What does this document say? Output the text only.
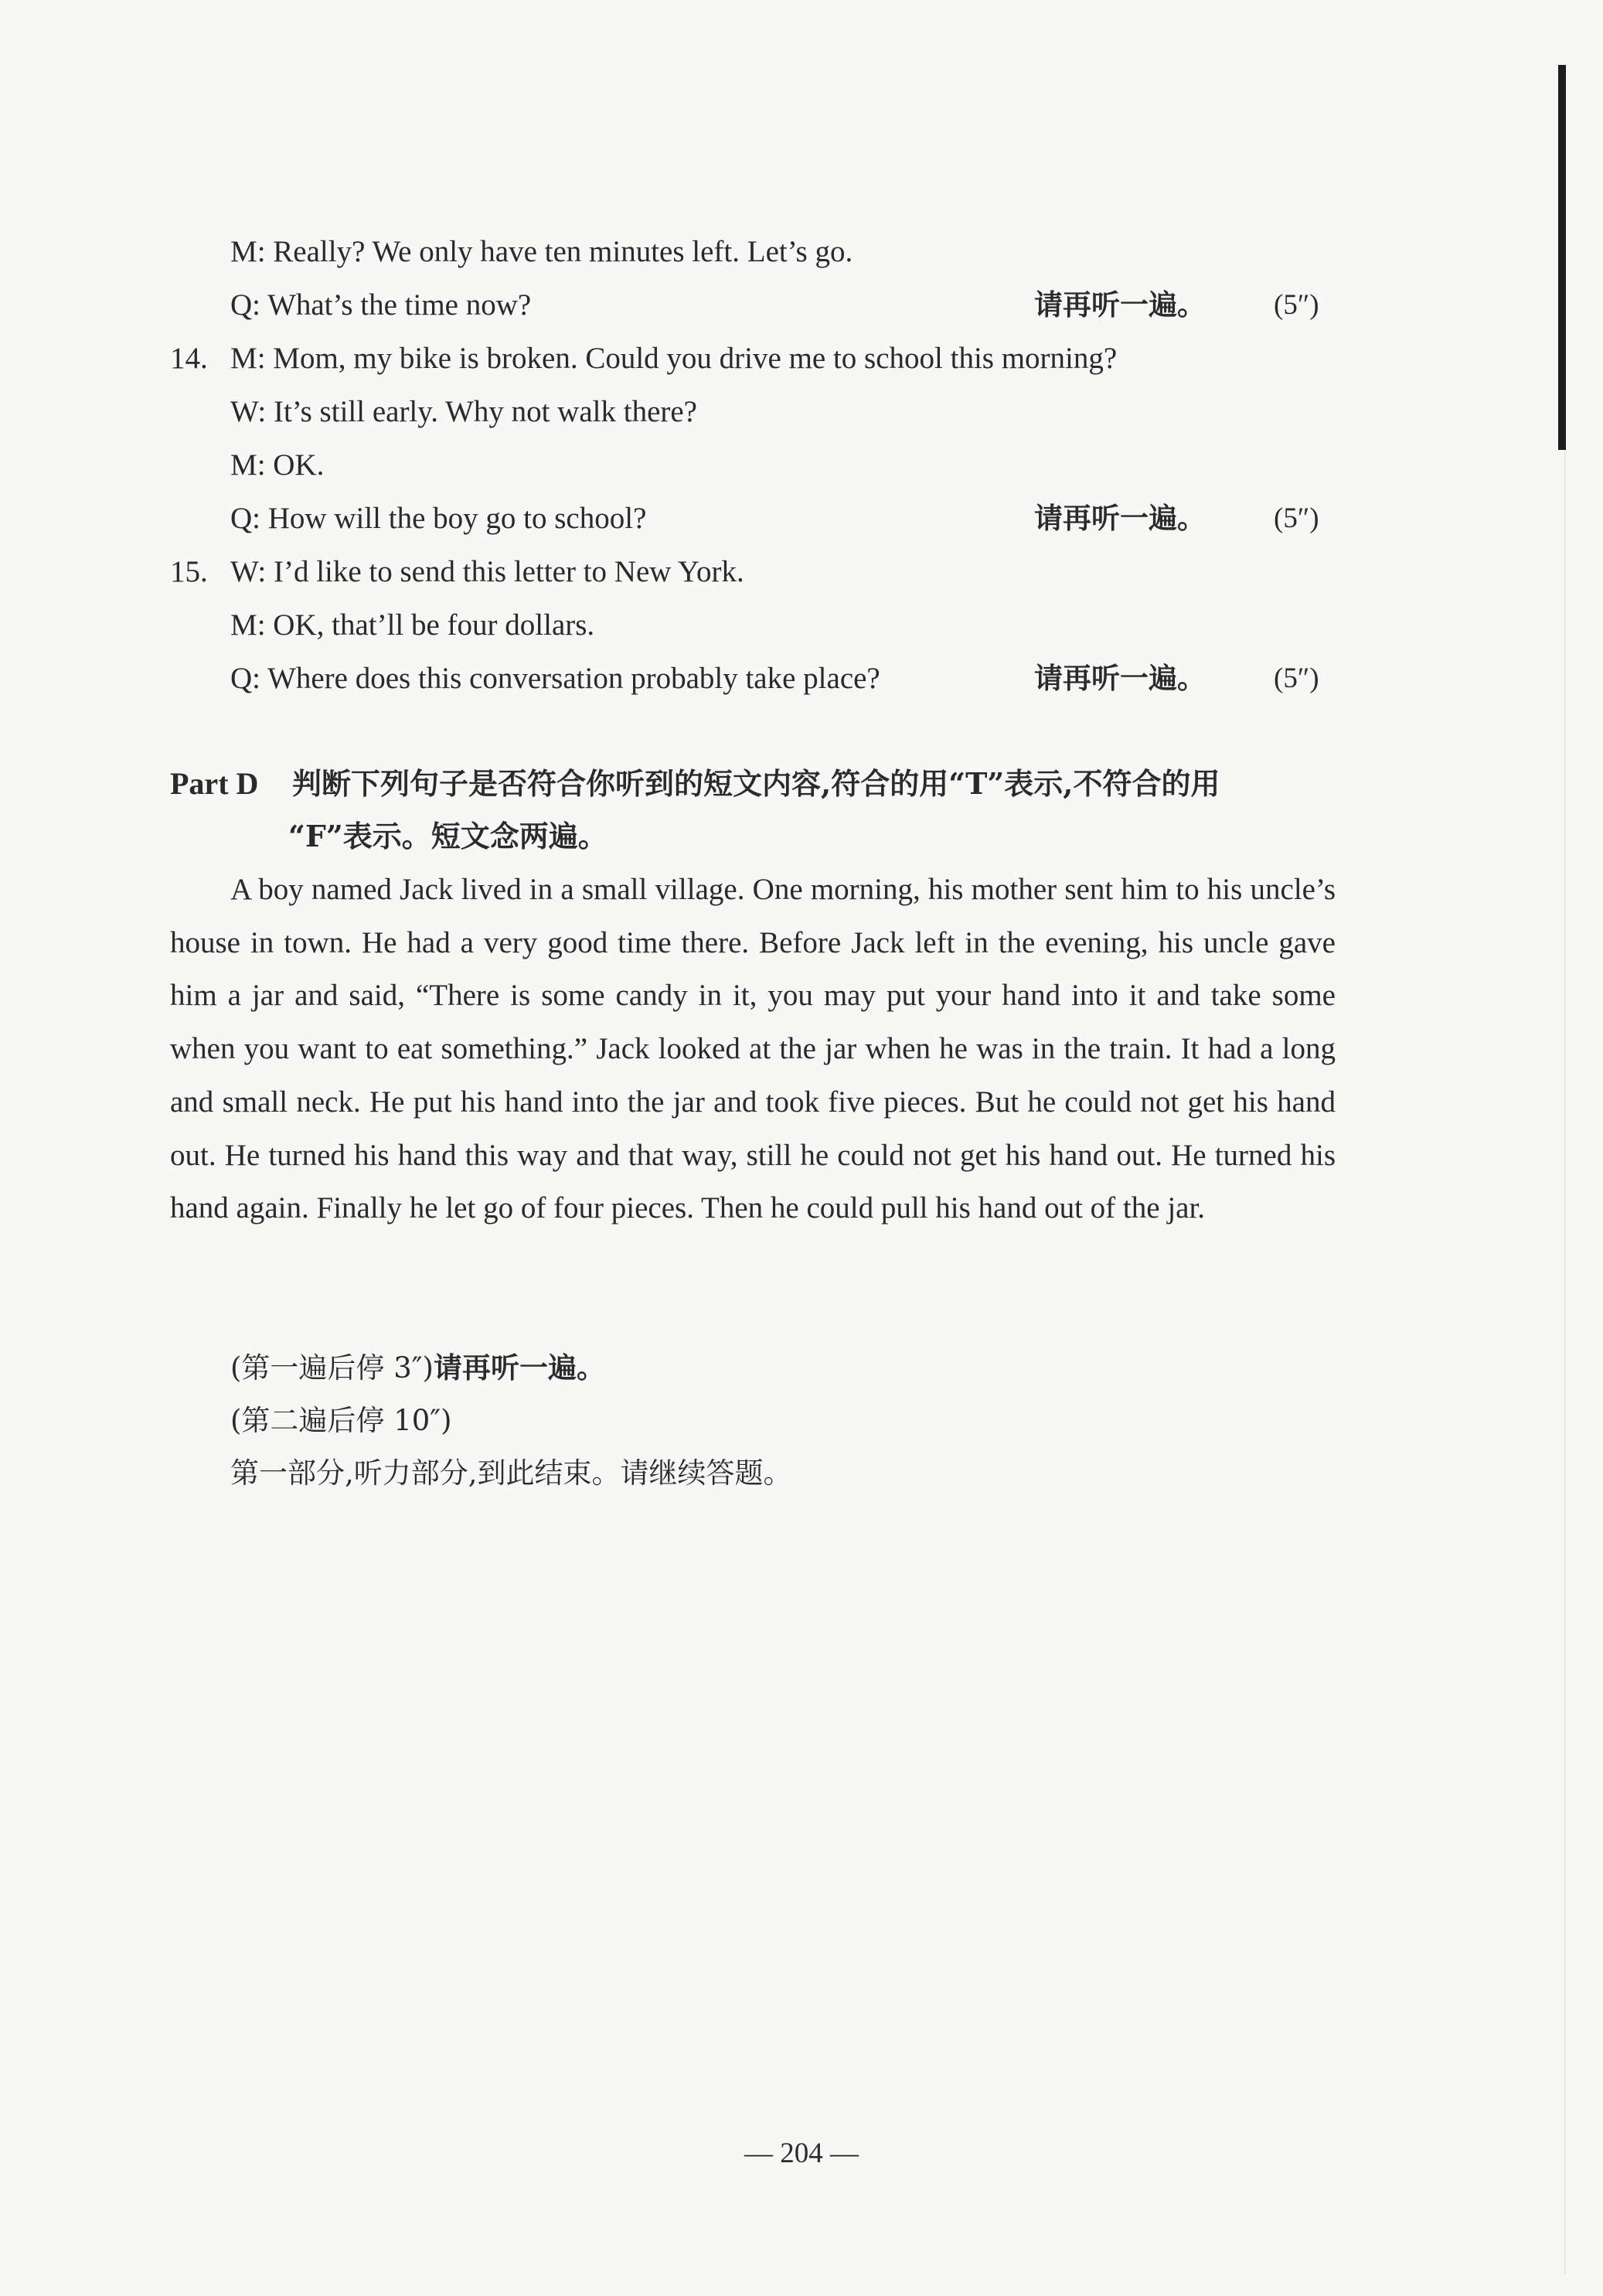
M: Really? We only have ten minutes left. Let’s go.
Q: What’s the time now?	请再听一遍。 (5″)
14. M: Mom, my bike is broken. Could you drive me to school this morning?
W: It’s still early. Why not walk there?
M: OK.
Q: How will the boy go to school?	请再听一遍。 (5″)
15. W: I’d like to send this letter to New York.
M: OK, that’ll be four dollars.
Q: Where does this conversation probably take place?	请再听一遍。 (5″)
Part D 判断下列句子是否符合你听到的短文内容,符合的用“T”表示,不符合的用
“F”表示。短文念两遍。

A boy named Jack lived in a small village. One morning, his mother sent him to his uncle’s house in town. He had a very good time there. Before Jack left in the evening, his uncle gave him a jar and said, “There is some candy in it, you may put your hand into it and take some when you want to eat something.” Jack looked at the jar when he was in the train. It had a long and small neck. He put his hand into the jar and took five pieces. But he could not get his hand out. He turned his hand this way and that way, still he could not get his hand out. He turned his hand again. Finally he let go of four pieces. Then he could pull his hand out of the jar.

(第一遍后停 3″)请再听一遍。
(第二遍后停 10″)
第一部分,听力部分,到此结束。请继续答题。
— 204 —
